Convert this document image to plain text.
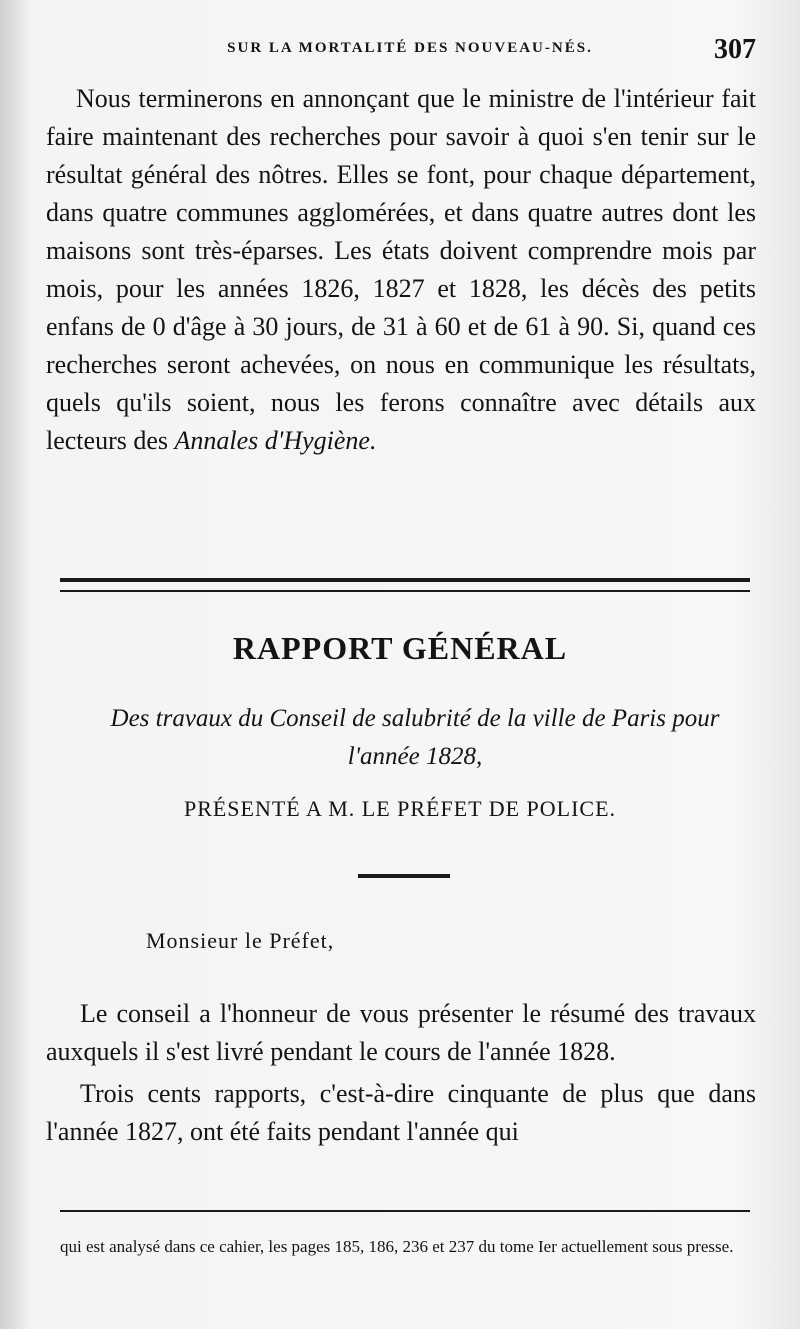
SUR LA MORTALITÉ DES NOUVEAU-NÉS.	307

Nous terminerons en annonçant que le ministre de l'intérieur fait faire maintenant des recherches pour savoir à quoi s'en tenir sur le résultat général des nôtres. Elles se font, pour chaque département, dans quatre communes agglomérées, et dans quatre autres dont les maisons sont très-éparses. Les états doivent comprendre mois par mois, pour les années 1826, 1827 et 1828, les décès des petits enfans de 0 d'âge à 30 jours, de 31 à 60 et de 61 à 90. Si, quand ces recherches seront achevées, on nous en communique les résultats, quels qu'ils soient, nous les ferons connaître avec détails aux lecteurs des Annales d'Hygiène.

RAPPORT GÉNÉRAL
Des travaux du Conseil de salubrité de la ville de Paris pour l'année 1828,
PRÉSENTÉ A M. LE PRÉFET DE POLICE.
Monsieur le Préfet,

Le conseil a l'honneur de vous présenter le résumé des travaux auxquels il s'est livré pendant le cours de l'année 1828.

Trois cents rapports, c'est-à-dire cinquante de plus que dans l'année 1827, ont été faits pendant l'année qui

qui est analysé dans ce cahier, les pages 185, 186, 236 et 237 du tome Ier actuellement sous presse.
